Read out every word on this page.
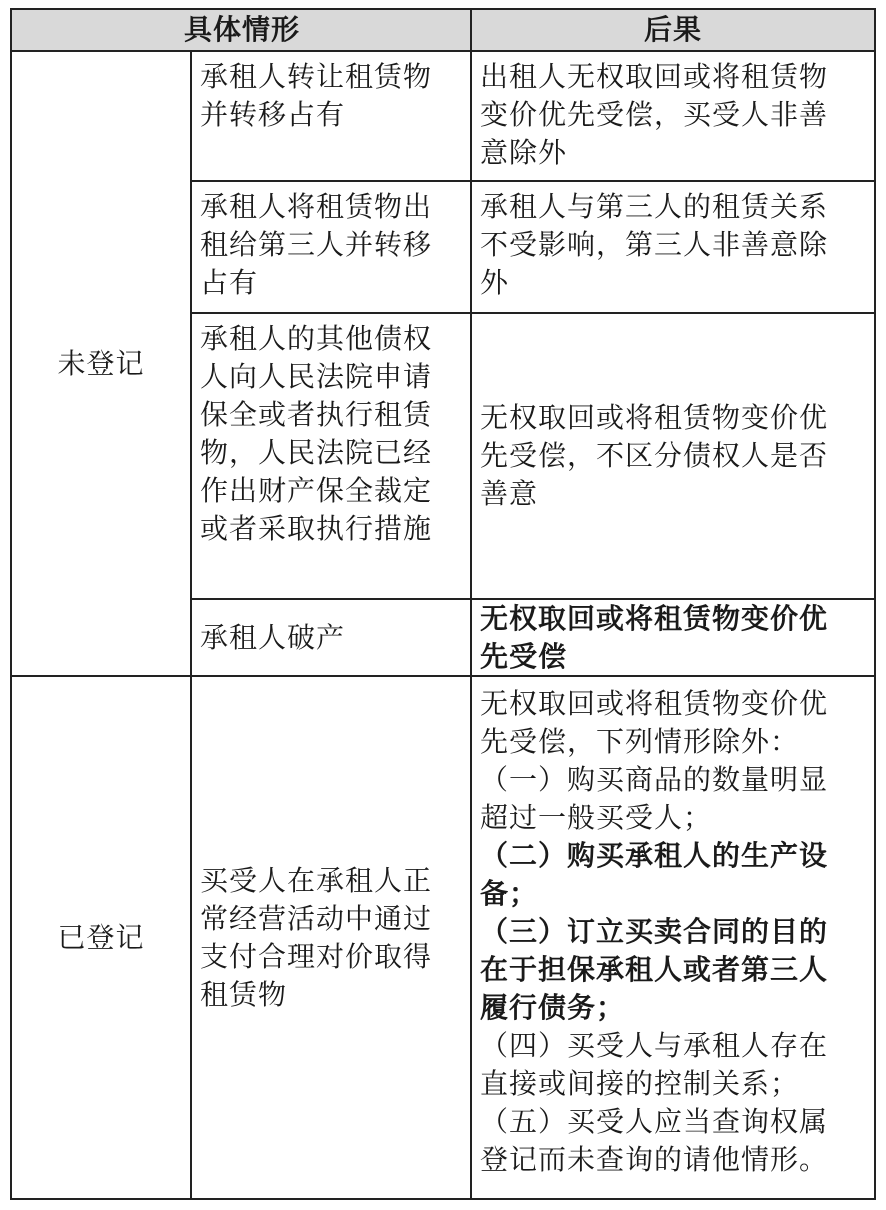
具体情形	后果
未登记
已登记
承租人转让租赁物
并转移占有
出租人无权取回或将租赁物
变价优先受偿，买受人非善
意除外
承租人将租赁物出
租给第三人并转移
占有
承租人与第三人的租赁关系
不受影响，第三人非善意除
外
承租人的其他债权
人向人民法院申请
保全或者执行租赁
物，人民法院已经
作出财产保全裁定
或者采取执行措施
无权取回或将租赁物变价优
先受偿，不区分债权人是否
善意
承租人破产
无权取回或将租赁物变价优
先受偿
买受人在承租人正
常经营活动中通过
支付合理对价取得
租赁物
无权取回或将租赁物变价优
先受偿，下列情形除外：
（一）购买商品的数量明显
超过一般买受人；
（二）购买承租人的生产设
备；
（三）订立买卖合同的目的
在于担保承租人或者第三人
履行债务；
（四）买受人与承租人存在
直接或间接的控制关系；
（五）买受人应当查询权属
登记而未查询的请他情形。
